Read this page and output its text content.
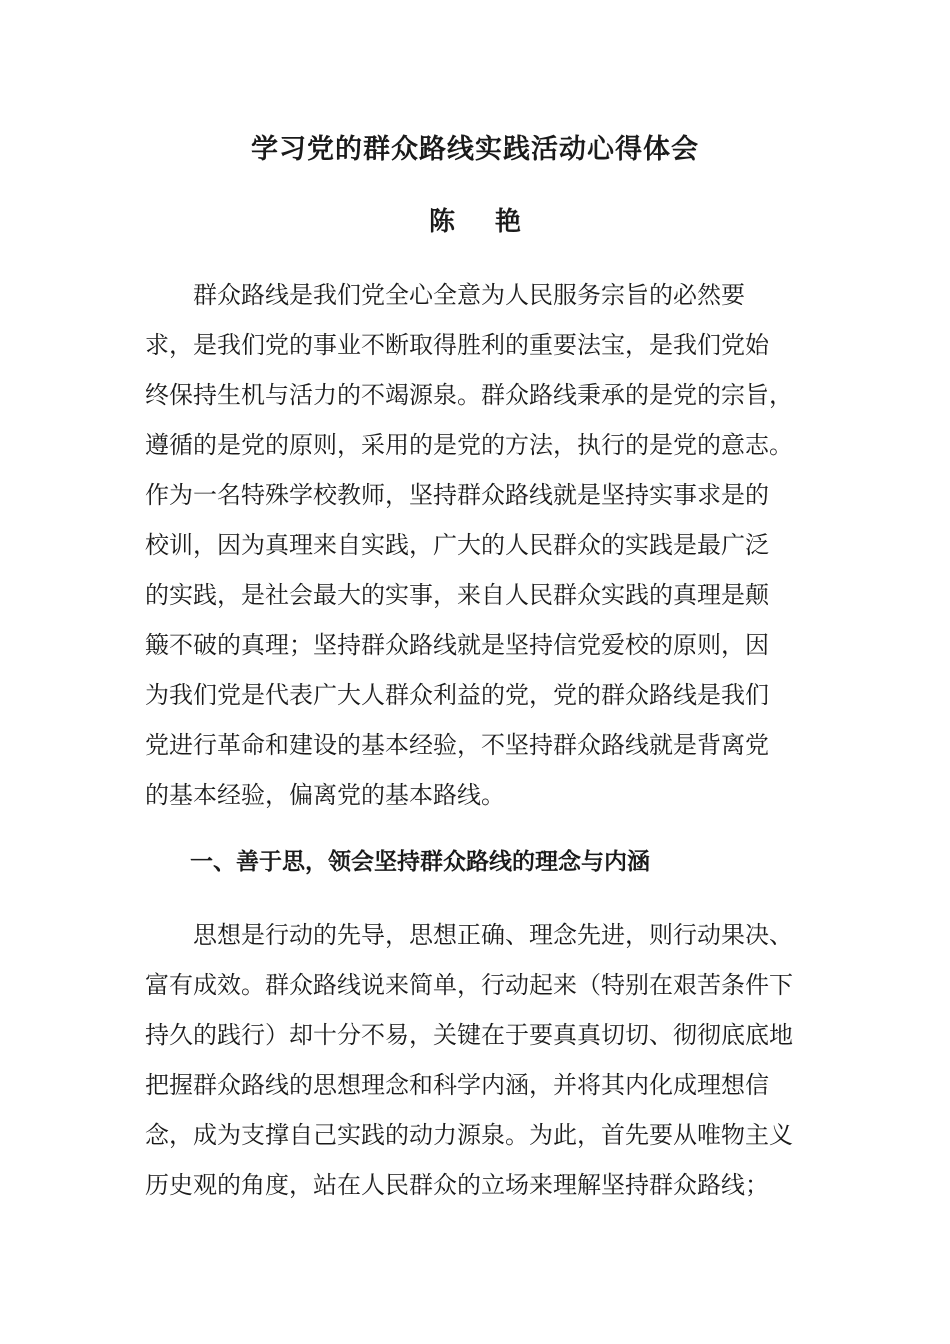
学习党的群众路线实践活动心得体会
陈艳
群众路线是我们党全心全意为人民服务宗旨的必然要
求，是我们党的事业不断取得胜利的重要法宝，是我们党始
终保持生机与活力的不竭源泉。群众路线秉承的是党的宗旨，
遵循的是党的原则，采用的是党的方法，执行的是党的意志。
作为一名特殊学校教师，坚持群众路线就是坚持实事求是的
校训，因为真理来自实践，广大的人民群众的实践是最广泛
的实践，是社会最大的实事，来自人民群众实践的真理是颠
簸不破的真理；坚持群众路线就是坚持信党爱校的原则，因
为我们党是代表广大人群众利益的党，党的群众路线是我们
党进行革命和建设的基本经验，不坚持群众路线就是背离党
的基本经验，偏离党的基本路线。
一、善于思，领会坚持群众路线的理念与内涵
思想是行动的先导，思想正确、理念先进，则行动果决、
富有成效。群众路线说来简单，行动起来（特别在艰苦条件下
持久的践行）却十分不易，关键在于要真真切切、彻彻底底地
把握群众路线的思想理念和科学内涵，并将其内化成理想信
念，成为支撑自己实践的动力源泉。为此，首先要从唯物主义
历史观的角度，站在人民群众的立场来理解坚持群众路线；
